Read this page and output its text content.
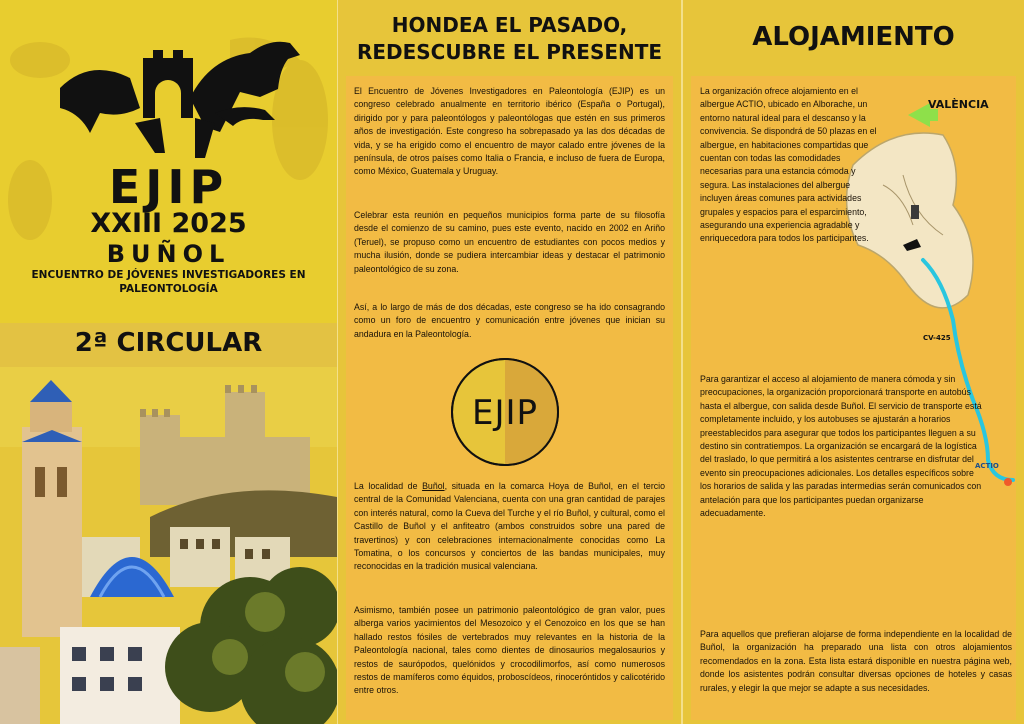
EJIP
XXIII 2025
BUÑOL
ENCUENTRO DE JÓVENES INVESTIGADORES EN PALEONTOLOGÍA
2ª CIRCULAR
HONDEA EL PASADO,
REDESCUBRE EL PRESENTE
El Encuentro de Jóvenes Investigadores en Paleontología (EJIP) es un congreso celebrado anualmente en territorio ibérico (España o Portugal), dirigido por y para paleontólogos y paleontólogas que estén en sus primeros años de investigación. Este congreso ha sobrepasado ya las dos décadas de vida, y se ha erigido como el encuentro de mayor calado entre jóvenes de la península, de otros países como Italia o Francia, e incluso de fuera de Europa, como México, Guatemala y Uruguay.
Celebrar esta reunión en pequeños municipios forma parte de su filosofía desde el comienzo de su camino, pues este evento, nacido en 2002 en Ariño (Teruel), se propuso como un encuentro de estudiantes con pocos medios y mucha ilusión, donde se pudiera intercambiar ideas y destacar el patrimonio paleontológico de su zona.
Así, a lo largo de más de dos décadas, este congreso se ha ido consagrando como un foro de encuentro y comunicación entre jóvenes que inician su andadura en la Paleontología.
EJIP
La localidad de Buñol, situada en la comarca Hoya de Buñol, en el tercio central de la Comunidad Valenciana, cuenta con una gran cantidad de parajes con interés natural, como la Cueva del Turche y el río Buñol, y cultural, como el Castillo de Buñol y el anfiteatro (ambos construidos sobre una pared de travertinos) y con celebraciones internacionalmente conocidas como La Tomatina, o los concursos y conciertos de las bandas municipales, muy reconocidas en la tradición musical valenciana.
Asimismo, también posee un patrimonio paleontológico de gran valor, pues alberga varios yacimientos del Mesozoico y el Cenozoico en los que se han hallado restos fósiles de vertebrados muy relevantes en la historia de la Paleontología nacional, tales como dientes de dinosaurios megalosaurios y restos de saurópodos, quelónidos y crocodilimorfos, así como numerosos restos de mamíferos como équidos, proboscídeos, rinoceróntidos y calicotérido entre otros.
ALOJAMIENTO
VALÈNCIA
CV-425
ACTIO
La organización ofrece alojamiento en el albergue ACTIO, ubicado en Alborache, un entorno natural ideal para el descanso y la convivencia. Se dispondrá de 50 plazas en el albergue, en habitaciones compartidas que cuentan con todas las comodidades necesarias para una estancia cómoda y segura. Las instalaciones del albergue incluyen áreas comunes para actividades grupales y espacios para el esparcimiento, asegurando una experiencia agradable y enriquecedora para todos los participantes.
Para garantizar el acceso al alojamiento de manera cómoda y sin preocupaciones, la organización proporcionará transporte en autobús hasta el albergue, con salida desde Buñol. El servicio de transporte está completamente incluido, y los autobuses se ajustarán a horarios preestablecidos para asegurar que todos los participantes lleguen a su destino sin contratiempos. La organización se encargará de la logística del traslado, lo que permitirá a los asistentes centrarse en disfrutar del evento sin preocupaciones adicionales. Los detalles específicos sobre los horarios de salida y las paradas intermedias serán comunicados con antelación para que los participantes puedan organizarse adecuadamente.
Para aquellos que prefieran alojarse de forma independiente en la localidad de Buñol, la organización ha preparado una lista con otros alojamientos recomendados en la zona. Esta lista estará disponible en nuestra página web, donde los asistentes podrán consultar diversas opciones de hoteles y casas rurales, y elegir la que mejor se adapte a sus necesidades.
